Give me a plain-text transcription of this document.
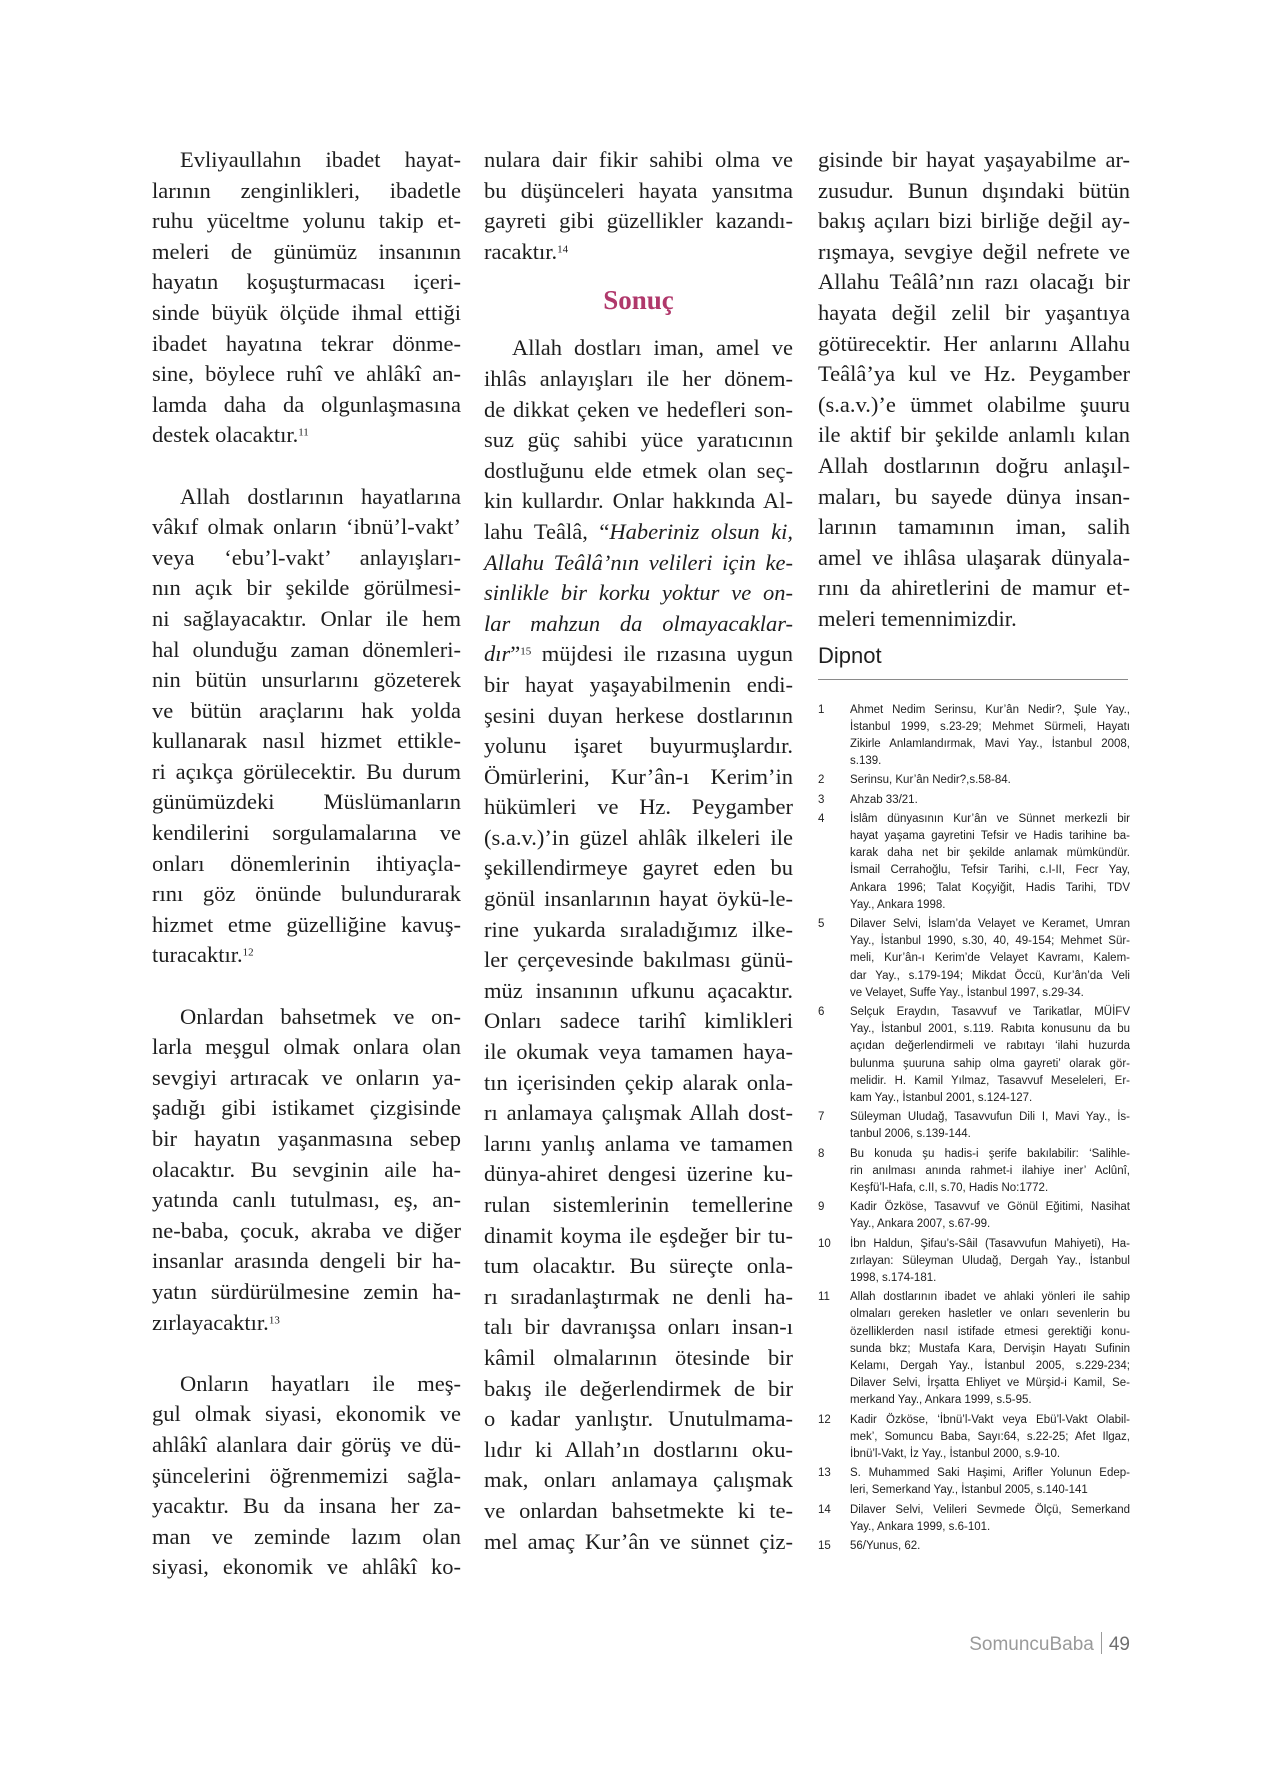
Evliyaullahın ibadet hayat-
larının zenginlikleri, ibadetle
ruhu yüceltme yolunu takip et-
meleri de günümüz insanının
hayatın koşuşturmacası içeri-
sinde büyük ölçüde ihmal ettiği
ibadet hayatına tekrar dönme-
sine, böylece ruhî ve ahlâkî an-
lamda daha da olgunlaşmasına
destek olacaktır.$^{11}$
Allah dostlarının hayatlarına
vâkıf olmak onların ‘ibnü’l-vakt’
veya ‘ebu’l-vakt’ anlayışları-
nın açık bir şekilde görülmesi-
ni sağlayacaktır. Onlar ile hem
hal olunduğu zaman dönemleri-
nin bütün unsurlarını gözeterek
ve bütün araçlarını hak yolda
kullanarak nasıl hizmet ettikle-
ri açıkça görülecektir. Bu durum
günümüzdeki Müslümanların
kendilerini sorgulamalarına ve
onları dönemlerinin ihtiyaçla-
rını göz önünde bulundurarak
hizmet etme güzelliğine kavuş-
turacaktır.$^{12}$
Onlardan bahsetmek ve on-
larla meşgul olmak onlara olan
sevgiyi artıracak ve onların ya-
şadığı gibi istikamet çizgisinde
bir hayatın yaşanmasına sebep
olacaktır. Bu sevginin aile ha-
yatında canlı tutulması, eş, an-
ne-baba, çocuk, akraba ve diğer
insanlar arasında dengeli bir ha-
yatın sürdürülmesine zemin ha-
zırlayacaktır.$^{13}$
Onların hayatları ile meş-
gul olmak siyasi, ekonomik ve
ahlâkî alanlara dair görüş ve dü-
şüncelerini öğrenmemizi sağla-
yacaktır. Bu da insana her za-
man ve zeminde lazım olan
siyasi, ekonomik ve ahlâkî ko-
nulara dair fikir sahibi olma ve
bu düşünceleri hayata yansıtma
gayreti gibi güzellikler kazandı-
racaktır.$^{14}$
Sonuç
Allah dostları iman, amel ve
ihlâs anlayışları ile her dönem-
de dikkat çeken ve hedefleri son-
suz güç sahibi yüce yaratıcının
dostluğunu elde etmek olan seç-
kin kullardır. Onlar hakkında Al-
lahu Teâlâ, “Haberiniz olsun ki,
Allahu Teâlâ’nın velileri için ke-
sinlikle bir korku yoktur ve on-
lar mahzun da olmayacaklar-
dır”$^{15}$ müjdesi ile rızasına uygun
bir hayat yaşayabilmenin endi-
şesini duyan herkese dostlarının
yolunu işaret buyurmuşlardır.
Ömürlerini, Kur’ân-ı Kerim’in
hükümleri ve Hz. Peygamber
(s.a.v.)’in güzel ahlâk ilkeleri ile
şekillendirmeye gayret eden bu
gönül insanlarının hayat öykü-le-
rine yukarda sıraladığımız ilke-
ler çerçevesinde bakılması günü-
müz insanının ufkunu açacaktır.
Onları sadece tarihî kimlikleri
ile okumak veya tamamen haya-
tın içerisinden çekip alarak onla-
rı anlamaya çalışmak Allah dost-
larını yanlış anlama ve tamamen
dünya-ahiret dengesi üzerine ku-
rulan sistemlerinin temellerine
dinamit koyma ile eşdeğer bir tu-
tum olacaktır. Bu süreçte onla-
rı sıradanlaştırmak ne denli ha-
talı bir davranışsa onları insan-ı
kâmil olmalarının ötesinde bir
bakış ile değerlendirmek de bir
o kadar yanlıştır. Unutulmama-
lıdır ki Allah’ın dostlarını oku-
mak, onları anlamaya çalışmak
ve onlardan bahsetmekte ki te-
mel amaç Kur’ân ve sünnet çiz-
gisinde bir hayat yaşayabilme ar-
zusudur. Bunun dışındaki bütün
bakış açıları bizi birliğe değil ay-
rışmaya, sevgiye değil nefrete ve
Allahu Teâlâ’nın razı olacağı bir
hayata değil zelil bir yaşantıya
götürecektir. Her anlarını Allahu
Teâlâ’ya kul ve Hz. Peygamber
(s.a.v.)’e ümmet olabilme şuuru
ile aktif bir şekilde anlamlı kılan
Allah dostlarının doğru anlaşıl-
maları, bu sayede dünya insan-
larının tamamının iman, salih
amel ve ihlâsa ulaşarak dünyala-
rını da ahiretlerini de mamur et-
meleri temennimizdir.
Dipnot
1 Ahmet Nedim Serinsu, Kur’ân Nedir?, Şule Yay.,
İstanbul 1999, s.23-29; Mehmet Sürmeli, Hayatı
Zikirle Anlamlandırmak, Mavi Yay., İstanbul 2008,
s.139.
2 Serinsu, Kur’ân Nedir?,s.58-84.
3 Ahzab 33/21.
4 İslâm dünyasının Kur’ân ve Sünnet merkezli bir
hayat yaşama gayretini Tefsir ve Hadis tarihine ba-
karak daha net bir şekilde anlamak mümkündür.
İsmail Cerrahoğlu, Tefsir Tarihi, c.I-II, Fecr Yay,
Ankara 1996; Talat Koçyiğit, Hadis Tarihi, TDV
Yay., Ankara 1998.
5 Dilaver Selvi, İslam’da Velayet ve Keramet, Umran
Yay., İstanbul 1990, s.30, 40, 49-154; Mehmet Sür-
meli, Kur’ân-ı Kerim’de Velayet Kavramı, Kalem-
dar Yay., s.179-194; Mikdat Öccü, Kur’ân’da Veli
ve Velayet, Suffe Yay., İstanbul 1997, s.29-34.
6 Selçuk Eraydın, Tasavvuf ve Tarikatlar, MÜİFV
Yay., İstanbul 2001, s.119. Rabıta konusunu da bu
açıdan değerlendirmeli ve rabıtayı ‘ilahi huzurda
bulunma şuuruna sahip olma gayreti’ olarak gör-
melidir. H. Kamil Yılmaz, Tasavvuf Meseleleri, Er-
kam Yay., İstanbul 2001, s.124-127.
7 Süleyman Uludağ, Tasavvufun Dili I, Mavi Yay., İs-
tanbul 2006, s.139-144.
8 Bu konuda şu hadis-i şerife bakılabilir: ‘Salihle-
rin anılması anında rahmet-i ilahiye iner’ Aclûnî,
Keşfü’l-Hafa, c.II, s.70, Hadis No:1772.
9 Kadir Özköse, Tasavvuf ve Gönül Eğitimi, Nasihat
Yay., Ankara 2007, s.67-99.
10 İbn Haldun, Şifau’s-Sâil (Tasavvufun Mahiyeti), Ha-
zırlayan: Süleyman Uludağ, Dergah Yay., İstanbul
1998, s.174-181.
11 Allah dostlarının ibadet ve ahlaki yönleri ile sahip
olmaları gereken hasletler ve onları sevenlerin bu
özelliklerden nasıl istifade etmesi gerektiği konu-
sunda bkz; Mustafa Kara, Dervişin Hayatı Sufinin
Kelamı, Dergah Yay., İstanbul 2005, s.229-234;
Dilaver Selvi, İrşatta Ehliyet ve Mürşid-i Kamil, Se-
merkand Yay., Ankara 1999, s.5-95.
12 Kadir Özköse, ‘İbnü’l-Vakt veya Ebü’l-Vakt Olabil-
mek’, Somuncu Baba, Sayı:64, s.22-25; Afet Ilgaz,
İbnü’l-Vakt, İz Yay., İstanbul 2000, s.9-10.
13 S. Muhammed Saki Haşimi, Arifler Yolunun Edep-
leri, Semerkand Yay., İstanbul 2005, s.140-141
14 Dilaver Selvi, Velileri Sevmede Ölçü, Semerkand
Yay., Ankara 1999, s.6-101.
15 56/Yunus, 62.
SomuncuBaba 49
